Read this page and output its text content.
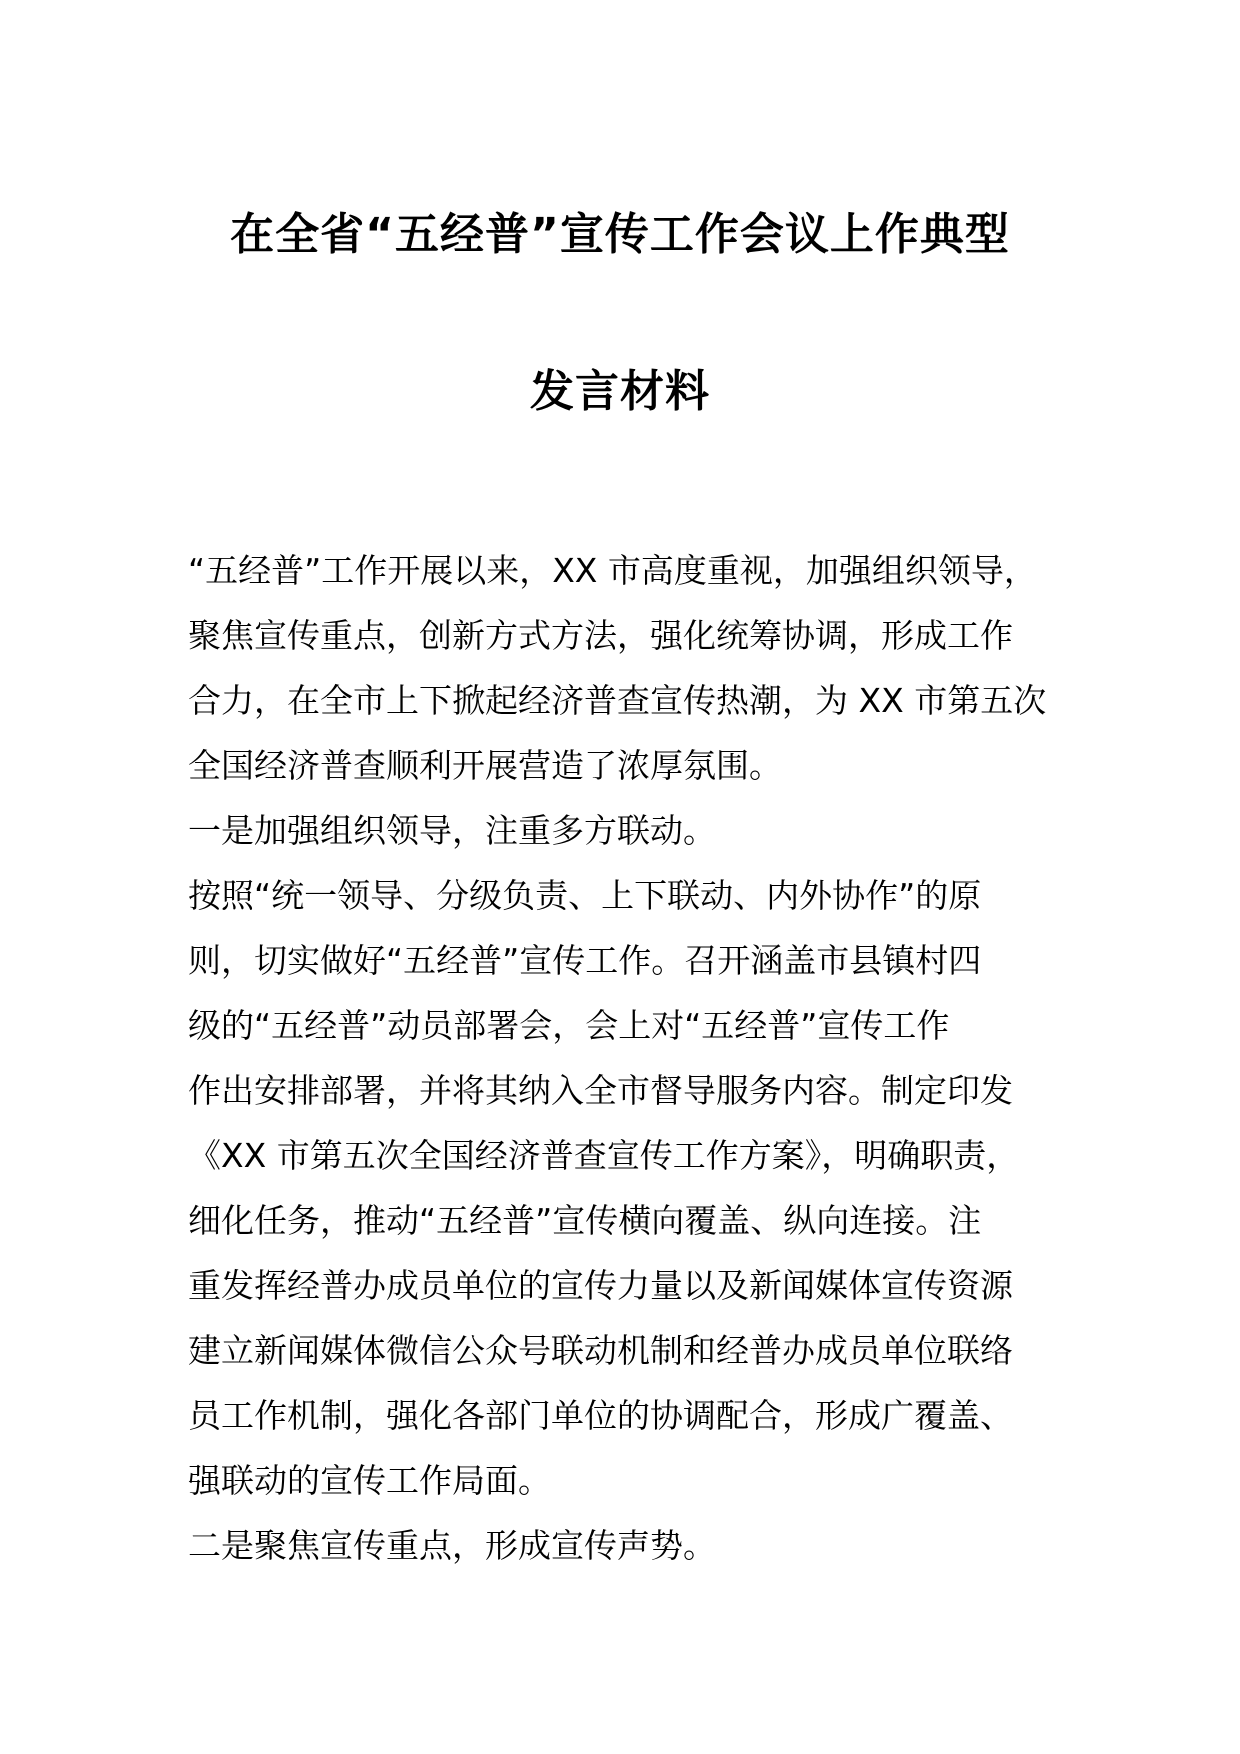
在全省“五经普”宣传工作会议上作典型
发言材料

“五经普”工作开展以来，XX 市高度重视，加强组织领导，

聚焦宣传重点，创新方式方法，强化统筹协调，形成工作

合力，在全市上下掀起经济普查宣传热潮，为 XX 市第五次

全国经济普查顺利开展营造了浓厚氛围。

一是加强组织领导，注重多方联动。

按照“统一领导、分级负责、上下联动、内外协作”的原

则，切实做好“五经普”宣传工作。召开涵盖市县镇村四

级的“五经普”动员部署会，会上对“五经普”宣传工作

作出安排部署，并将其纳入全市督导服务内容。制定印发

《XX 市第五次全国经济普查宣传工作方案》，明确职责，

细化任务，推动“五经普”宣传横向覆盖、纵向连接。注

重发挥经普办成员单位的宣传力量以及新闻媒体宣传资源

建立新闻媒体微信公众号联动机制和经普办成员单位联络

员工作机制，强化各部门单位的协调配合，形成广覆盖、

强联动的宣传工作局面。

二是聚焦宣传重点，形成宣传声势。
